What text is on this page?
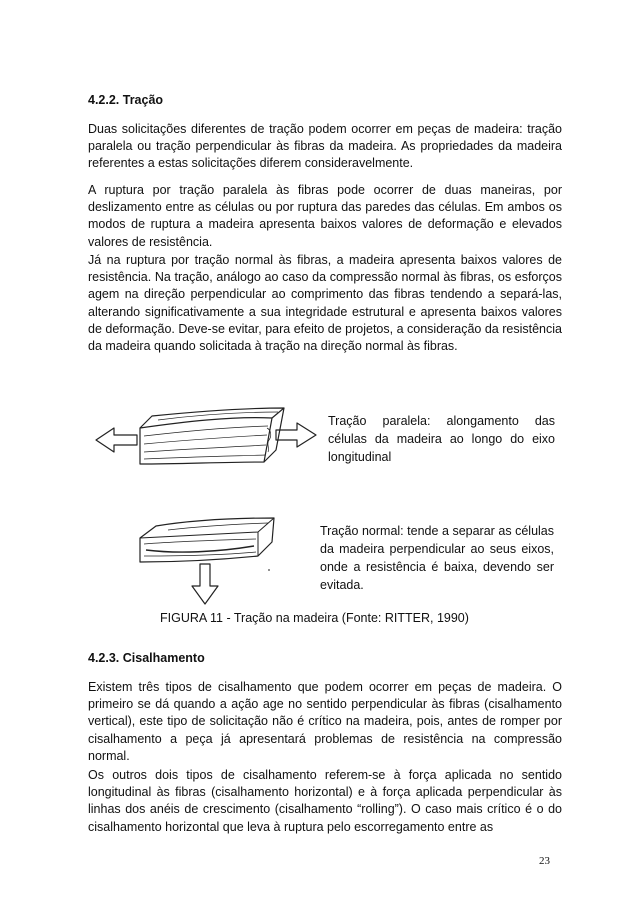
4.2.2. Tração

Duas solicitações diferentes de tração podem ocorrer em peças de madeira: tração paralela ou tração perpendicular às fibras da madeira. As propriedades da madeira referentes a estas solicitações diferem consideravelmente.

A ruptura por tração paralela às fibras pode ocorrer de duas maneiras, por deslizamento entre as células ou por ruptura das paredes das células. Em ambos os modos de ruptura a madeira apresenta baixos valores de deformação e elevados valores de resistência.

Já na ruptura por tração normal às fibras, a madeira apresenta baixos valores de resistência. Na tração, análogo ao caso da compressão normal às fibras, os esforços agem na direção perpendicular ao comprimento das fibras tendendo a separá-las, alterando significativamente a sua integridade estrutural e apresenta baixos valores de deformação. Deve-se evitar, para efeito de projetos, a consideração da resistência da madeira quando solicitada à tração na direção normal às fibras.

Tração paralela: alongamento das células da madeira ao longo do eixo longitudinal

Tração normal: tende a separar as células da madeira perpendicular ao seus eixos, onde a resistência é baixa, devendo ser evitada.

FIGURA 11 - Tração na madeira (Fonte: RITTER, 1990)

4.2.3. Cisalhamento

Existem três tipos de cisalhamento que podem ocorrer em peças de madeira. O primeiro se dá quando a ação age no sentido perpendicular às fibras (cisalhamento vertical), este tipo de solicitação não é crítico na madeira, pois, antes de romper por cisalhamento a peça já apresentará problemas de resistência na compressão normal.

Os outros dois tipos de cisalhamento referem-se à força aplicada no sentido longitudinal às fibras (cisalhamento horizontal) e à força aplicada perpendicular às linhas dos anéis de crescimento (cisalhamento “rolling”). O caso mais crítico é o do cisalhamento horizontal que leva à ruptura pelo escorregamento entre as

23
